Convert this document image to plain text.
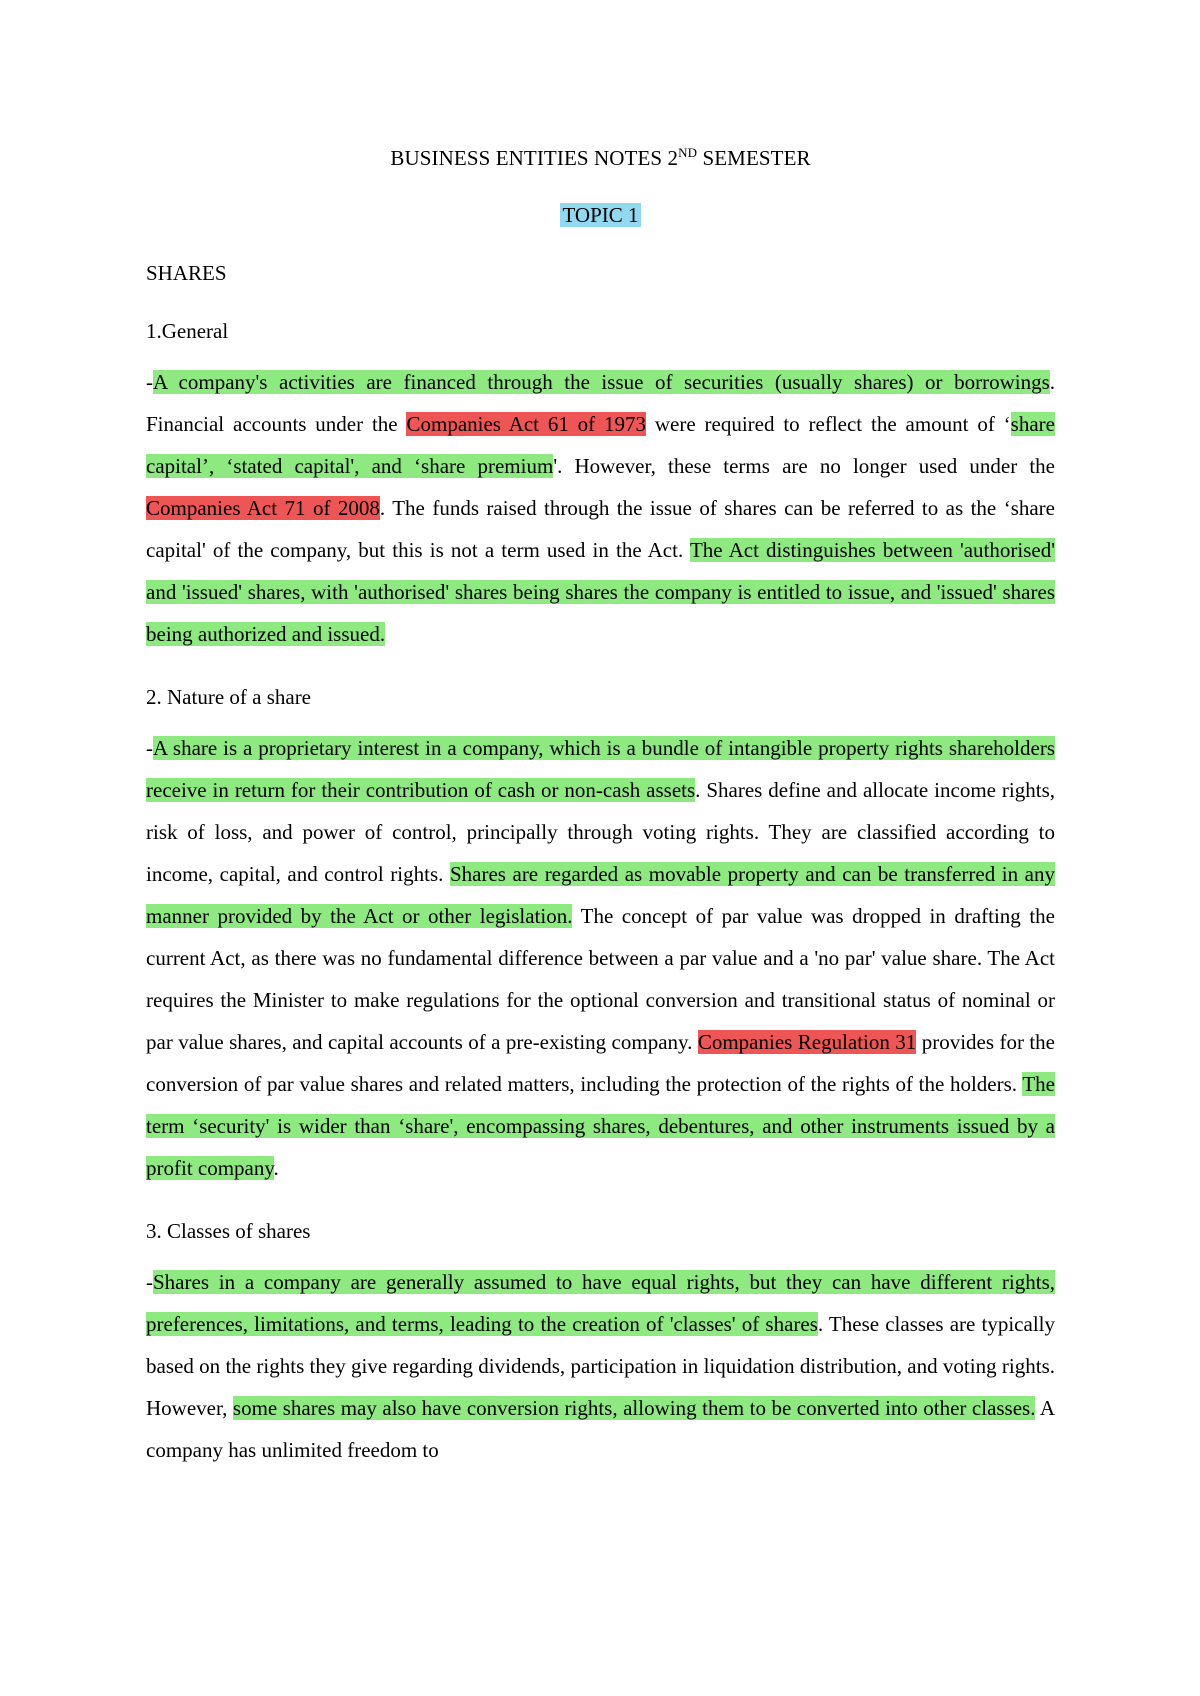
BUSINESS ENTITIES NOTES 2ND SEMESTER
TOPIC 1
SHARES
1.General

-A company's activities are financed through the issue of securities (usually shares) or borrowings. Financial accounts under the Companies Act 61 of 1973 were required to reflect the amount of ‘share capital’, ‘stated capital', and ‘share premium'. However, these terms are no longer used under the Companies Act 71 of 2008. The funds raised through the issue of shares can be referred to as the ‘share capital' of the company, but this is not a term used in the Act. The Act distinguishes between 'authorised' and 'issued' shares, with 'authorised' shares being shares the company is entitled to issue, and 'issued' shares being authorized and issued.

2. Nature of a share

-A share is a proprietary interest in a company, which is a bundle of intangible property rights shareholders receive in return for their contribution of cash or non-cash assets. Shares define and allocate income rights, risk of loss, and power of control, principally through voting rights. They are classified according to income, capital, and control rights. Shares are regarded as movable property and can be transferred in any manner provided by the Act or other legislation. The concept of par value was dropped in drafting the current Act, as there was no fundamental difference between a par value and a 'no par' value share. The Act requires the Minister to make regulations for the optional conversion and transitional status of nominal or par value shares, and capital accounts of a pre-existing company. Companies Regulation 31 provides for the conversion of par value shares and related matters, including the protection of the rights of the holders. The term ‘security' is wider than ‘share', encompassing shares, debentures, and other instruments issued by a profit company.

3. Classes of shares

-Shares in a company are generally assumed to have equal rights, but they can have different rights, preferences, limitations, and terms, leading to the creation of 'classes' of shares. These classes are typically based on the rights they give regarding dividends, participation in liquidation distribution, and voting rights. However, some shares may also have conversion rights, allowing them to be converted into other classes. A company has unlimited freedom to
